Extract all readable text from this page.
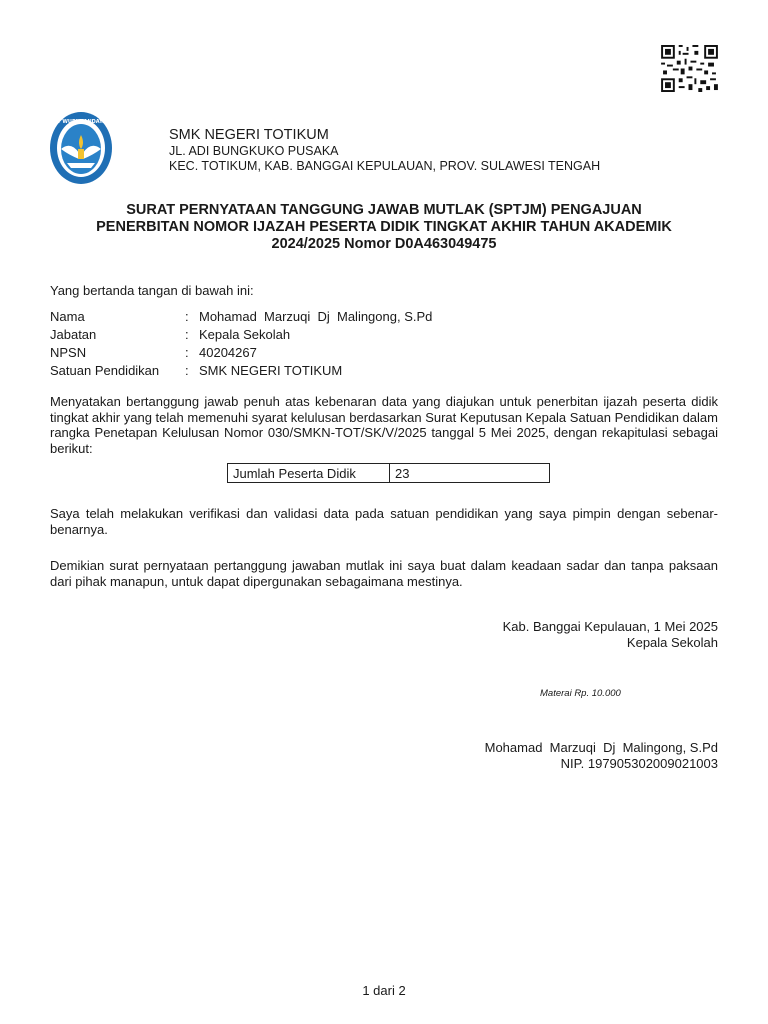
TUT WURI HANDAYANI
SMK NEGERI TOTIKUM
JL. ADI BUNGKUKO PUSAKA
KEC. TOTIKUM, KAB. BANGGAI KEPULAUAN, PROV. SULAWESI TENGAH
SURAT PERNYATAAN TANGGUNG JAWAB MUTLAK (SPTJM) PENGAJUAN
PENERBITAN NOMOR IJAZAH PESERTA DIDIK TINGKAT AKHIR TAHUN AKADEMIK
2024/2025 Nomor D0A463049475
Yang bertanda tangan di bawah ini:
Nama	: Mohamad  Marzuqi  Dj  Malingong, S.Pd
Jabatan	: Kepala Sekolah
NPSN	: 40204267
Satuan Pendidikan	: SMK NEGERI TOTIKUM
Menyatakan bertanggung jawab penuh atas kebenaran data yang diajukan untuk penerbitan ijazah peserta didik tingkat akhir yang telah memenuhi syarat kelulusan berdasarkan Surat Keputusan Kepala Satuan Pendidikan dalam rangka Penetapan Kelulusan Nomor 030/SMKN-TOT/SK/V/2025 tanggal 5 Mei 2025, dengan rekapitulasi sebagai berikut:
Jumlah Peserta Didik	23
Saya telah melakukan verifikasi dan validasi data pada satuan pendidikan yang saya pimpin dengan sebenar-benarnya.
Demikian surat pernyataan pertanggung jawaban mutlak ini saya buat dalam keadaan sadar dan tanpa paksaan dari pihak manapun, untuk dapat dipergunakan sebagaimana mestinya.
Kab. Banggai Kepulauan, 1 Mei 2025
Kepala Sekolah
Materai Rp. 10.000
Mohamad  Marzuqi  Dj  Malingong, S.Pd
NIP. 197905302009021003
1 dari 2
